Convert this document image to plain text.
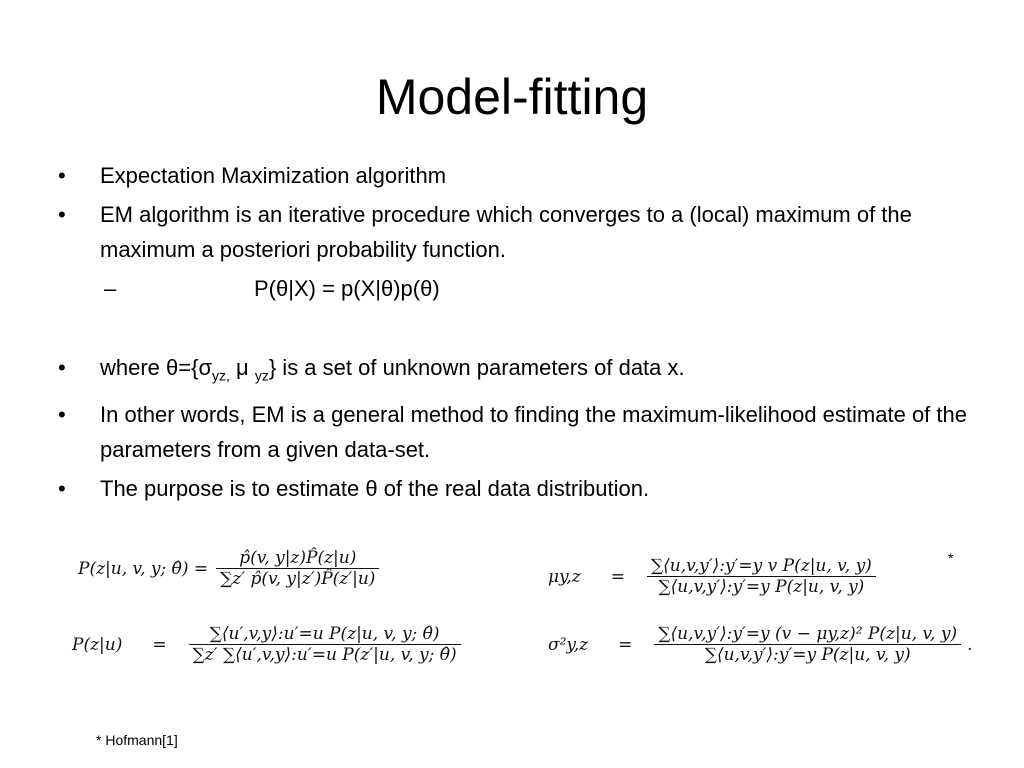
Model-fitting
• Expectation Maximization algorithm
• EM algorithm is an iterative procedure which converges to a (local) maximum of the maximum a posteriori probability function.
–	P(θ|X) = p(X|θ)p(θ)
• where $\theta=\{\sigma_{yz,}$ μ $_{yz}$} is a set of unknown parameters of data x.
• In other words, EM is a general method to finding the maximum-likelihood estimate of the parameters from a given data-set.
• The purpose is to estimate θ of the real data distribution.
P(z|u, v, y; θ̂) = $\frac{p̂(v, y|z)P̂(z|u)}{\sum z' p̂(v, y|z')P̂(z'|u)}$
$P(z|u) = \frac{\text{∑⟨u′,v,y⟩:u′=u P(z|u, v, y; θ̂)}}{\text{∑z′ ∑⟨u′,v,y⟩:u′=u P(z′|u, v, y; θ̂)}}$
$\mu y,z = \frac{\text{∑⟨u,v,y′⟩:y′=y v P(z|u, v, y)}}{\text{∑⟨u,v,y′⟩:y′=y P(z|u, v, y)}}$
$\sigma^2y,z = \frac{\text{∑⟨u,v,y′⟩:y′=y (v − μy,z)² P(z|u, v, y)}}{\text{∑⟨u,v,y′⟩:y′=y P(z|u, v, y)}}$ .
*
* Hofmann[1]
